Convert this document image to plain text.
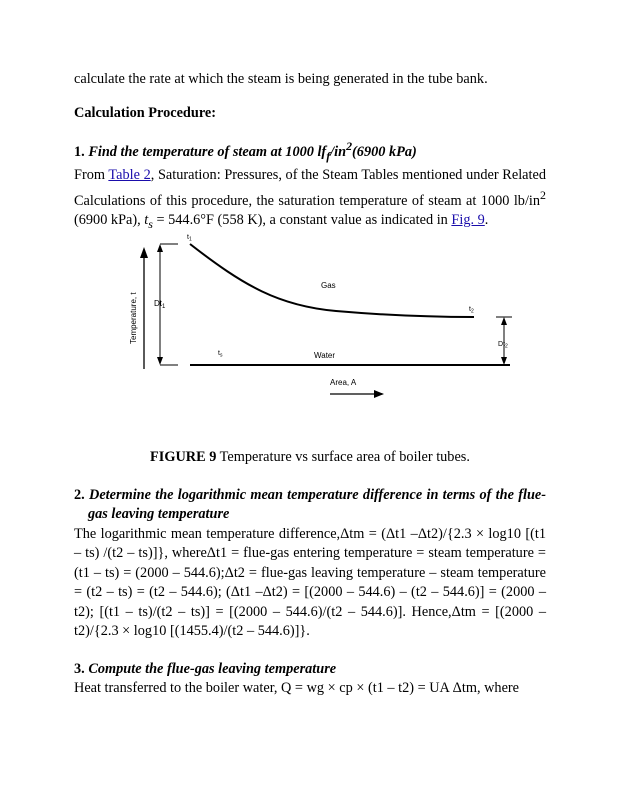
calculate the rate at which the steam is being generated in the tube bank.

Calculation Procedure:

1. Find the temperature of steam at 1000 $lf_f/in^2(6900$ kPa)

From Table 2, Saturation: Pressures, of the Steam Tables mentioned under Related Calculations of this procedure, the saturation temperature of steam at 1000 $lb/in^2$ (6900 kPa), $t_s = 544.6^\circ F$ (558 K), a constant value as indicated in Fig. 9.

Temperature, t $Dt_1$
$t_1$
Gas
$t_2$
$t_s$	Water
$Dt_2$
Area, A

FIGURE 9 Temperature vs surface area of boiler tubes.

2. Determine the logarithmic mean temperature difference in terms of the flue-gas leaving temperature

The logarithmic mean temperature difference,Δtm = (Δt1 –Δt2)/{2.3 × log10 [(t1 – ts) /(t2 – ts)]}, whereΔt1 = flue-gas entering temperature = steam temperature = (t1 – ts) = (2000 – 544.6);Δt2 = flue-gas leaving temperature – steam temperature = (t2 – ts) = (t2 – 544.6); (Δt1 –Δt2) = [(2000 – 544.6) – (t2 – 544.6)] = (2000 – t2); [(t1 – ts)/(t2 – ts)] = [(2000 – 544.6)/(t2 – 544.6)]. Hence,Δtm = [(2000 – t2)/{2.3 × log10 [(1455.4)/(t2 – 544.6)]}.

3. Compute the flue-gas leaving temperature

Heat transferred to the boiler water, Q = wg × cp × (t1 – t2) = UA Δtm, where
